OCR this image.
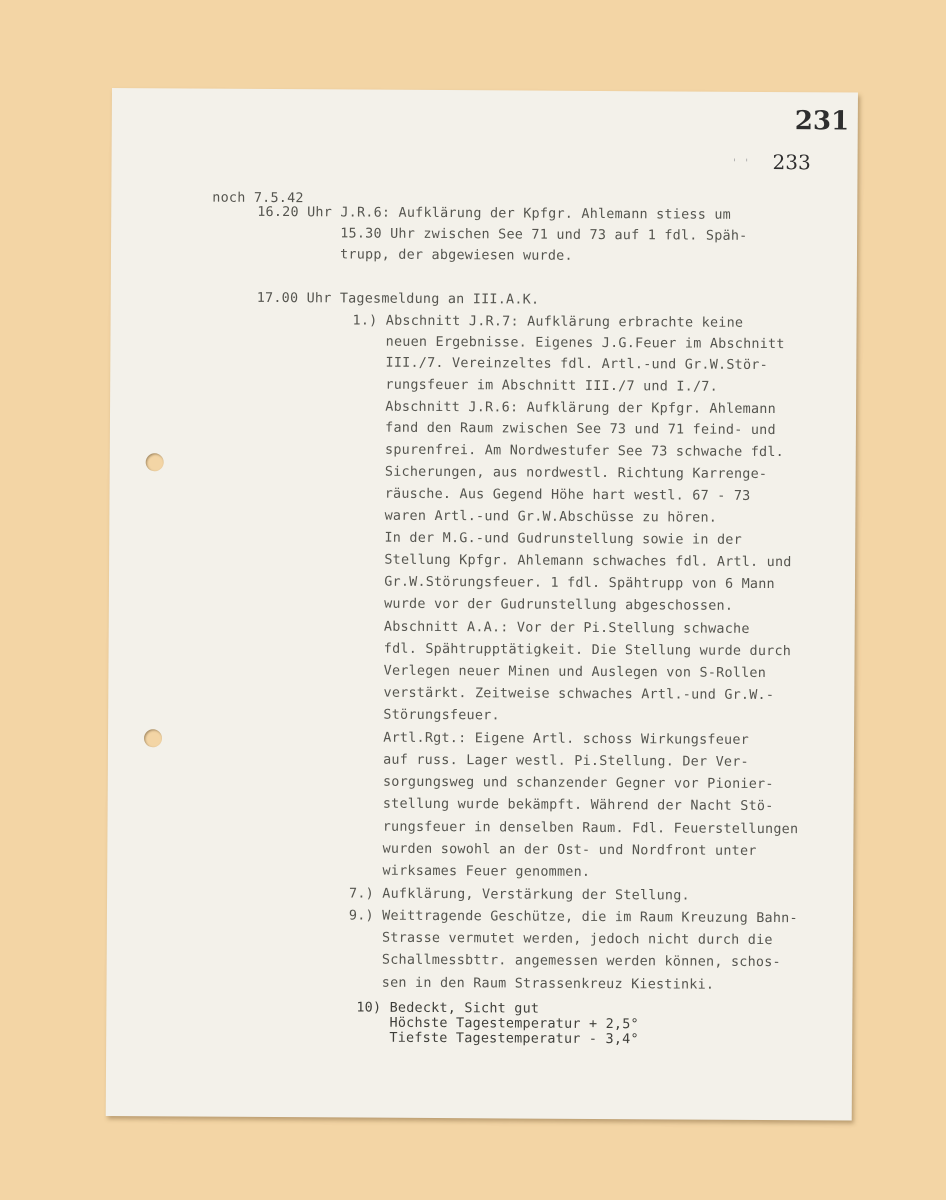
231
' ' 233
noch 7.5.42
16.20 Uhr J.R.6: Aufklärung der Kpfgr. Ahlemann stiess um
15.30 Uhr zwischen See 71 und 73 auf 1 fdl. Späh-
trupp, der abgewiesen wurde.
17.00 Uhr Tagesmeldung an III.A.K.
1.) Abschnitt J.R.7: Aufklärung erbrachte keine
neuen Ergebnisse. Eigenes J.G.Feuer im Abschnitt
III./7. Vereinzeltes fdl. Artl.-und Gr.W.Stör-
rungsfeuer im Abschnitt III./7 und I./7.
Abschnitt J.R.6: Aufklärung der Kpfgr. Ahlemann
fand den Raum zwischen See 73 und 71 feind- und
spurenfrei. Am Nordwestufer See 73 schwache fdl.
Sicherungen, aus nordwestl. Richtung Karrenge-
räusche. Aus Gegend Höhe hart westl. 67 - 73
waren Artl.-und Gr.W.Abschüsse zu hören.
In der M.G.-und Gudrunstellung sowie in der
Stellung Kpfgr. Ahlemann schwaches fdl. Artl. und
Gr.W.Störungsfeuer. 1 fdl. Spähtrupp von 6 Mann
wurde vor der Gudrunstellung abgeschossen.
Abschnitt A.A.: Vor der Pi.Stellung schwache
fdl. Spähtrupptätigkeit. Die Stellung wurde durch
Verlegen neuer Minen und Auslegen von S-Rollen
verstärkt. Zeitweise schwaches Artl.-und Gr.W.-
Störungsfeuer.
Artl.Rgt.: Eigene Artl. schoss Wirkungsfeuer
auf russ. Lager westl. Pi.Stellung. Der Ver-
sorgungsweg und schanzender Gegner vor Pionier-
stellung wurde bekämpft. Während der Nacht Stö-
rungsfeuer in denselben Raum. Fdl. Feuerstellungen
wurden sowohl an der Ost- und Nordfront unter
wirksames Feuer genommen.
7.) Aufklärung, Verstärkung der Stellung.
9.) Weittragende Geschütze, die im Raum Kreuzung Bahn-
Strasse vermutet werden, jedoch nicht durch die
Schallmessbttr. angemessen werden können, schos-
sen in den Raum Strassenkreuz Kiestinki.
10) Bedeckt, Sicht gut
Höchste Tagestemperatur + 2,5°
Tiefste Tagestemperatur - 3,4°
